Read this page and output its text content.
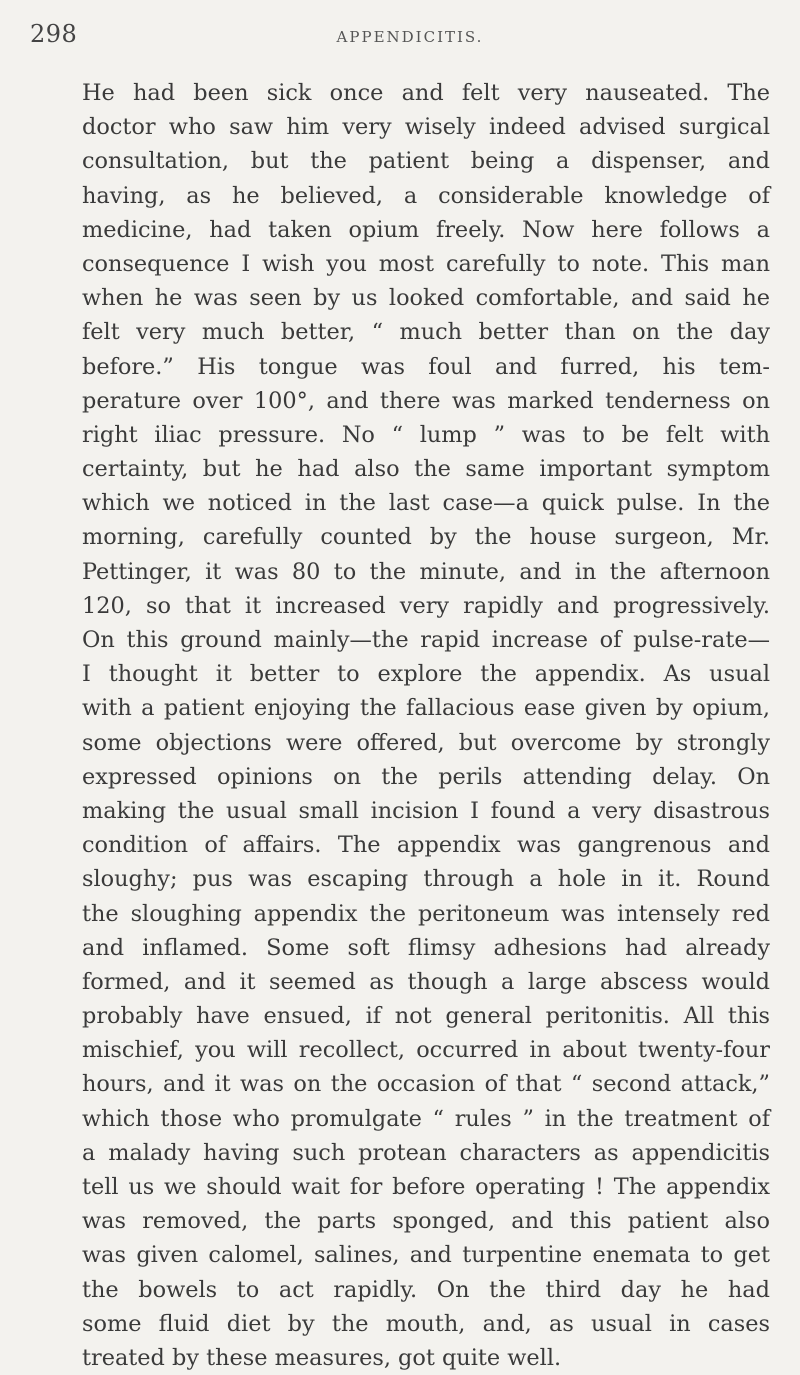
298	APPENDICITIS.
He had been sick once and felt very nauseated. The
doctor who saw him very wisely indeed advised surgical
consultation, but the patient being a dispenser, and
having, as he believed, a considerable knowledge of
medicine, had taken opium freely. Now here follows a
consequence I wish you most carefully to note. This man
when he was seen by us looked comfortable, and said he
felt very much better, “ much better than on the day
before.” His tongue was foul and furred, his tem-
perature over 100°, and there was marked tenderness on
right iliac pressure. No “ lump ” was to be felt with
certainty, but he had also the same important symptom
which we noticed in the last case—a quick pulse. In the
morning, carefully counted by the house surgeon, Mr.
Pettinger, it was 80 to the minute, and in the afternoon
120, so that it increased very rapidly and progressively.
On this ground mainly—the rapid increase of pulse-rate—
I thought it better to explore the appendix. As usual
with a patient enjoying the fallacious ease given by opium,
some objections were offered, but overcome by strongly
expressed opinions on the perils attending delay. On
making the usual small incision I found a very disastrous
condition of affairs. The appendix was gangrenous and
sloughy; pus was escaping through a hole in it. Round
the sloughing appendix the peritoneum was intensely red
and inflamed. Some soft flimsy adhesions had already
formed, and it seemed as though a large abscess would
probably have ensued, if not general peritonitis. All this
mischief, you will recollect, occurred in about twenty-four
hours, and it was on the occasion of that “ second attack,”
which those who promulgate “ rules ” in the treatment of
a malady having such protean characters as appendicitis
tell us we should wait for before operating ! The appendix
was removed, the parts sponged, and this patient also
was given calomel, salines, and turpentine enemata to get
the bowels to act rapidly. On the third day he had
some fluid diet by the mouth, and, as usual in cases
treated by these measures, got quite well.
